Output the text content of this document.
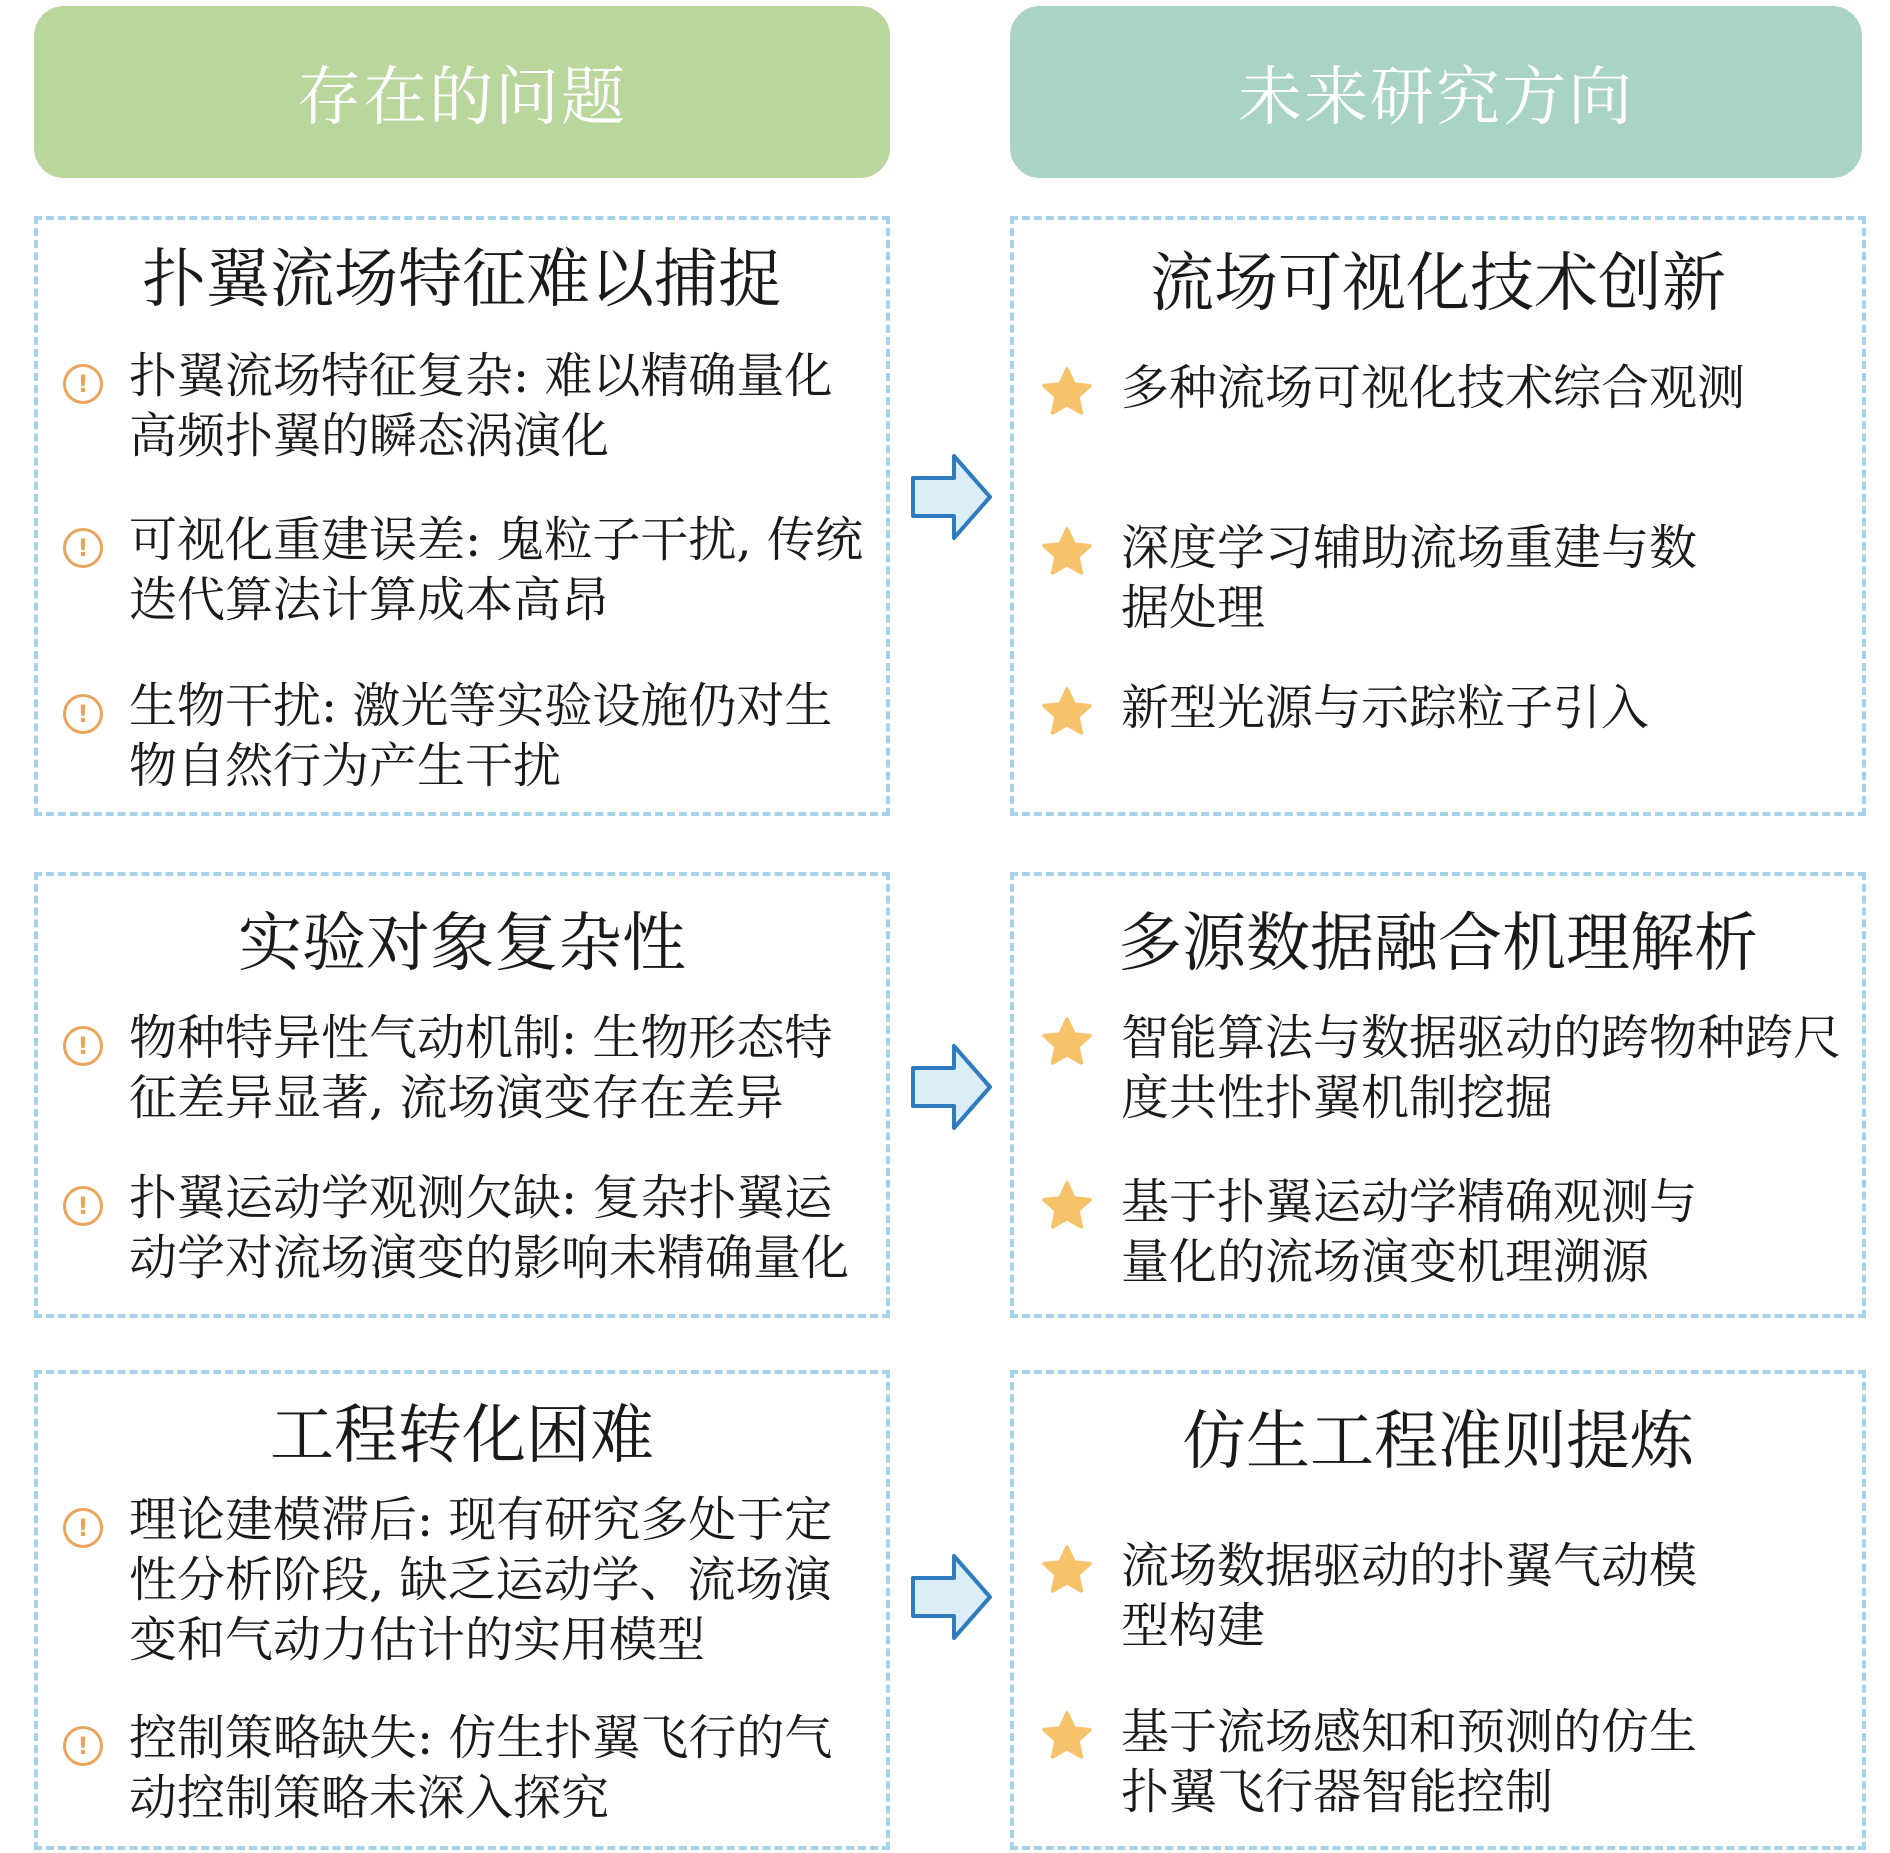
存在的问题	未来研究方向
扑翼流场特征难以捕捉
! 扑翼流场特征复杂: 难以精确量化高频扑翼的瞬态涡演化
! 可视化重建误差: 鬼粒子干扰, 传统迭代算法计算成本高昂
! 生物干扰: 激光等实验设施仍对生物自然行为产生干扰
实验对象复杂性
! 物种特异性气动机制: 生物形态特征差异显著, 流场演变存在差异
! 扑翼运动学观测欠缺: 复杂扑翼运动学对流场演变的影响未精确量化
工程转化困难
! 理论建模滞后: 现有研究多处于定性分析阶段, 缺乏运动学、流场演变和气动力估计的实用模型
! 控制策略缺失: 仿生扑翼飞行的气动控制策略未深入探究
流场可视化技术创新
多种流场可视化技术综合观测
深度学习辅助流场重建与数据处理
新型光源与示踪粒子引入
多源数据融合机理解析
智能算法与数据驱动的跨物种跨尺度共性扑翼机制挖掘
基于扑翼运动学精确观测与量化的流场演变机理溯源
仿生工程准则提炼
流场数据驱动的扑翼气动模型构建
基于流场感知和预测的仿生扑翼飞行器智能控制
